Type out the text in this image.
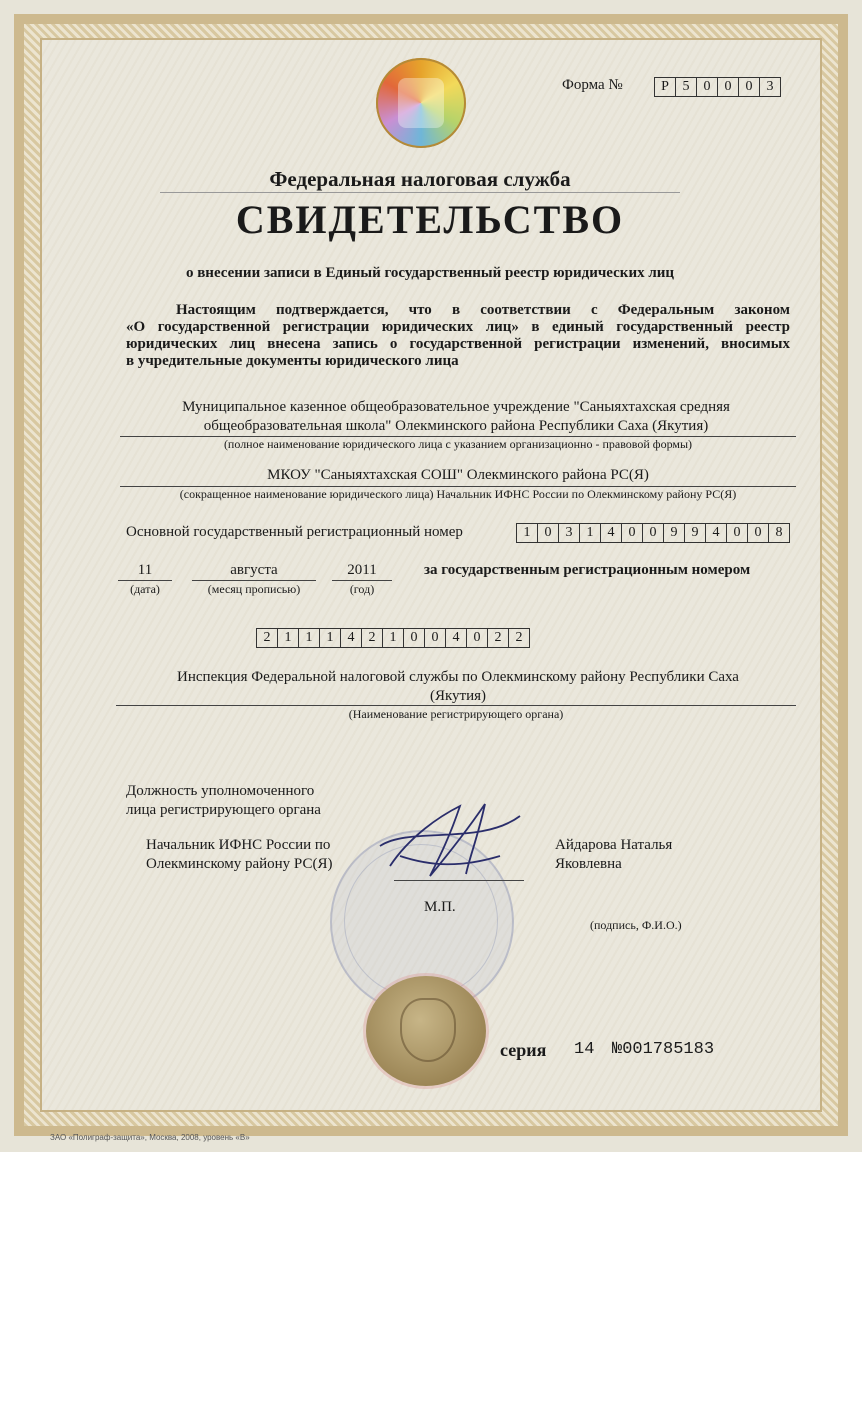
Форма №	Р 5	0	0	0	3
Федеральная налоговая служба
СВИДЕТЕЛЬСТВО
о внесении записи в Единый государственный реестр юридических лиц
Настоящим подтверждается, что в соответствии с Федеральным законом
«О государственной регистрации юридических лиц» в единый государственный реестр
юридических лиц внесена запись о государственной регистрации изменений, вносимых
в учредительные документы юридического лица
Муниципальное казенное общеобразовательное учреждение "Саныяхтахская средняя
общеобразовательная школа" Олекминского района Республики Саха (Якутия)
(полное наименование юридического лица с указанием организационно - правовой формы)
МКОУ "Саныяхтахская СОШ" Олекминского района РС(Я)
(сокращенное наименование юридического лица) Начальник ИФНС России по Олекминскому району РС(Я)
Основной государственный регистрационный номер	1	0	3	1	4	0	0	9	9	4	0	0	8
11
(дата)
августа
(месяц прописью)
2011
(год)
за государственным регистрационным номером
2	1	1	1	4	2	1	0	0	4	0	2	2
Инспекция Федеральной налоговой службы по Олекминскому району Республики Саха
(Якутия)
(Наименование регистрирующего органа)
Должность уполномоченного
лица регистрирующего органа
Начальник ИФНС России по
Олекминскому району РС(Я)
Айдарова Наталья
Яковлевна
М.П.
(подпись, Ф.И.О.)
серия 14 №001785183
ЗАО «Полиграф-защита», Москва, 2008, уровень «В»
